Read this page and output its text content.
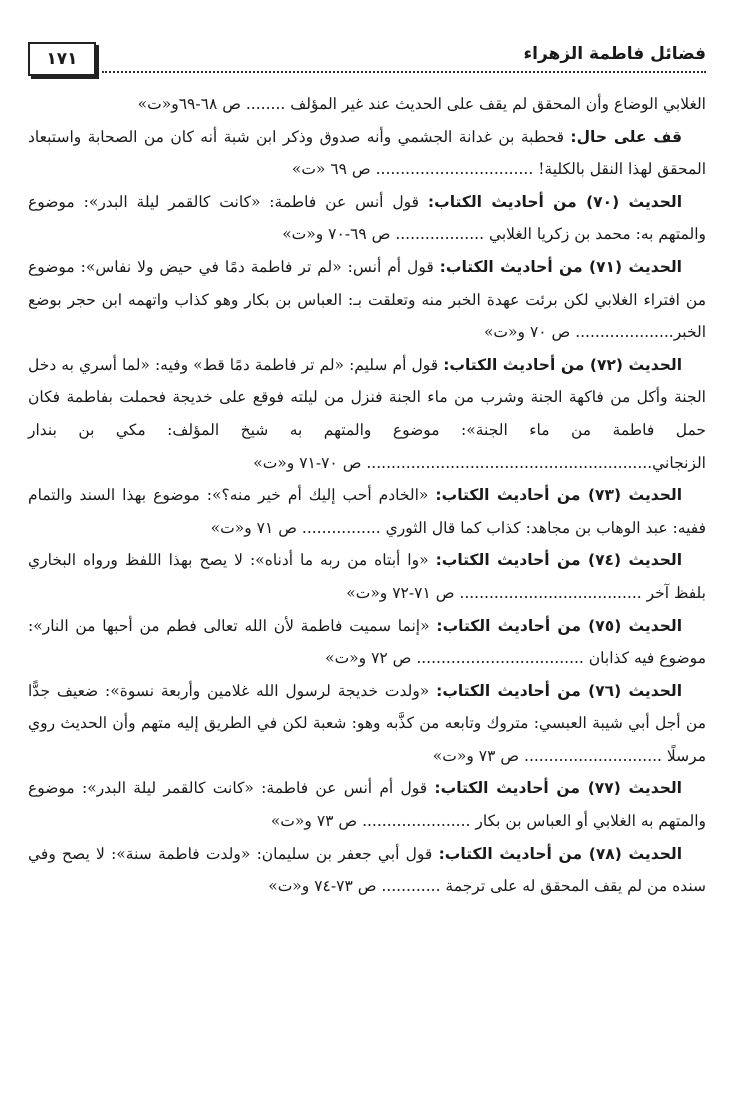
١٧١	فضائل فاطمة الزهراء

الغلابي الوضاع وأن المحقق لم يقف على الحديث عند غير المؤلف ........ ص ٦٨-٦٩و«ت»

قف على حال: قحطبة بن غدانة الجشمي وأنه صدوق وذكر ابن شبة أنه كان من الصحابة واستبعاد المحقق لهذا النقل بالكلية! ................................ ص ٦٩ «ت»

الحديث (٧٠) من أحاديث الكتاب: قول أنس عن فاطمة: «كانت كالقمر ليلة البدر»: موضوع والمتهم به: محمد بن زكريا الغلابي .................. ص ٦٩-٧٠ و«ت»

الحديث (٧١) من أحاديث الكتاب: قول أم أنس: «لم تر فاطمة دمًا في حيض ولا نفاس»: موضوع من افتراء الغلابي لكن برئت عهدة الخبر منه وتعلقت بـ: العباس بن بكار وهو كذاب واتهمه ابن حجر بوضع الخبر.................... ص ٧٠ و«ت»

الحديث (٧٢) من أحاديث الكتاب: قول أم سليم: «لم تر فاطمة دمًا قط» وفيه: «لما أسري به دخل الجنة وأكل من فاكهة الجنة وشرب من ماء الجنة فنزل من ليلته فوقع على خديجة فحملت بفاطمة فكان حمل فاطمة من ماء الجنة»: موضوع والمتهم به شيخ المؤلف: مكي بن بندار الزنجاني.......................................................... ص ٧٠-٧١ و«ت»

الحديث (٧٣) من أحاديث الكتاب: «الخادم أحب إليك أم خير منه؟»: موضوع بهذا السند والتمام ففيه: عبد الوهاب بن مجاهد: كذاب كما قال الثوري ................ ص ٧١ و«ت»

الحديث (٧٤) من أحاديث الكتاب: «وا أبتاه من ربه ما أدناه»: لا يصح بهذا اللفظ ورواه البخاري بلفظ آخر ..................................... ص ٧١-٧٢ و«ت»

الحديث (٧٥) من أحاديث الكتاب: «إنما سميت فاطمة لأن الله تعالى فطم من أحبها من النار»: موضوع فيه كذابان .................................. ص ٧٢ و«ت»

الحديث (٧٦) من أحاديث الكتاب: «ولدت خديجة لرسول الله غلامين وأربعة نسوة»: ضعيف جدًّا من أجل أبي شيبة العبسي: متروك وتابعه من كذَّبه وهو: شعبة لكن في الطريق إليه متهم وأن الحديث روي مرسلًا ............................ ص ٧٣ و«ت»

الحديث (٧٧) من أحاديث الكتاب: قول أم أنس عن فاطمة: «كانت كالقمر ليلة البدر»: موضوع والمتهم به الغلابي أو العباس بن بكار ...................... ص ٧٣ و«ت»

الحديث (٧٨) من أحاديث الكتاب: قول أبي جعفر بن سليمان: «ولدت فاطمة سنة»: لا يصح وفي سنده من لم يقف المحقق له على ترجمة ............ ص ٧٣-٧٤ و«ت»
